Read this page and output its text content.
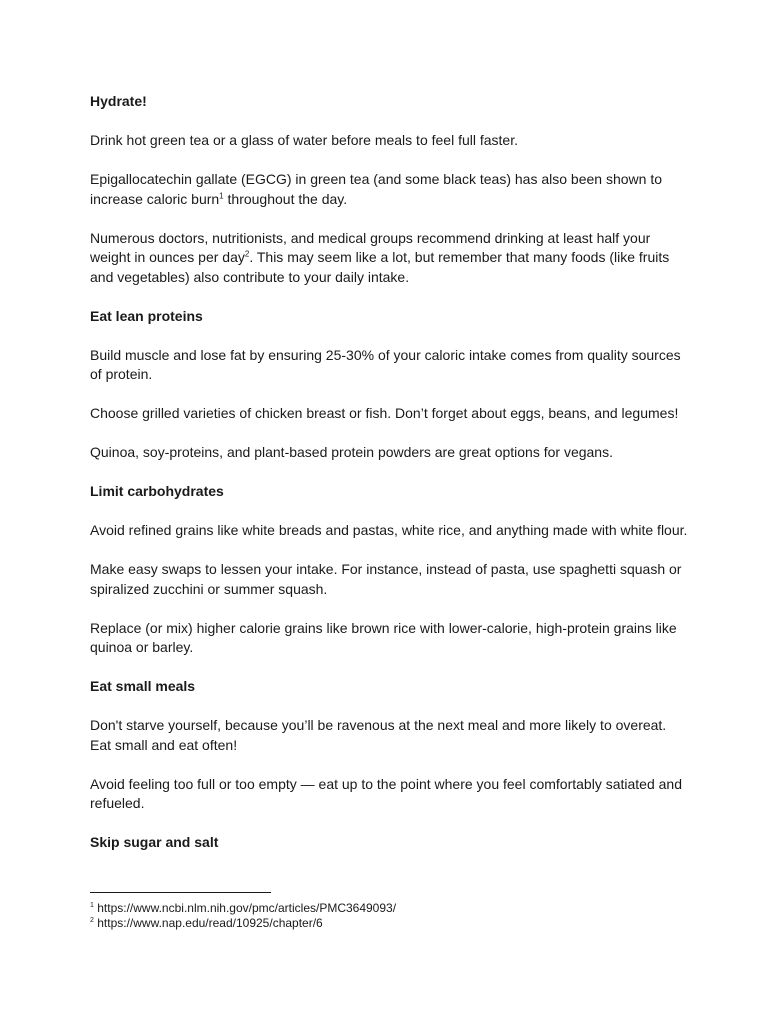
Hydrate!
Drink hot green tea or a glass of water before meals to feel full faster.
Epigallocatechin gallate (EGCG) in green tea (and some black teas) has also been shown to increase caloric burn$^1$ throughout the day.
Numerous doctors, nutritionists, and medical groups recommend drinking at least half your weight in ounces per day$^2$. This may seem like a lot, but remember that many foods (like fruits and vegetables) also contribute to your daily intake.
Eat lean proteins
Build muscle and lose fat by ensuring 25-30% of your caloric intake comes from quality sources of protein.
Choose grilled varieties of chicken breast or fish. Don’t forget about eggs, beans, and legumes!
Quinoa, soy-proteins, and plant-based protein powders are great options for vegans.
Limit carbohydrates
Avoid refined grains like white breads and pastas, white rice, and anything made with white flour.
Make easy swaps to lessen your intake. For instance, instead of pasta, use spaghetti squash or spiralized zucchini or summer squash.
Replace (or mix) higher calorie grains like brown rice with lower-calorie, high-protein grains like quinoa or barley.
Eat small meals
Don't starve yourself, because you’ll be ravenous at the next meal and more likely to overeat. Eat small and eat often!
Avoid feeling too full or too empty — eat up to the point where you feel comfortably satiated and refueled.
Skip sugar and salt
$^1$ https://www.ncbi.nlm.nih.gov/pmc/articles/PMC3649093/
$^2$ https://www.nap.edu/read/10925/chapter/6
